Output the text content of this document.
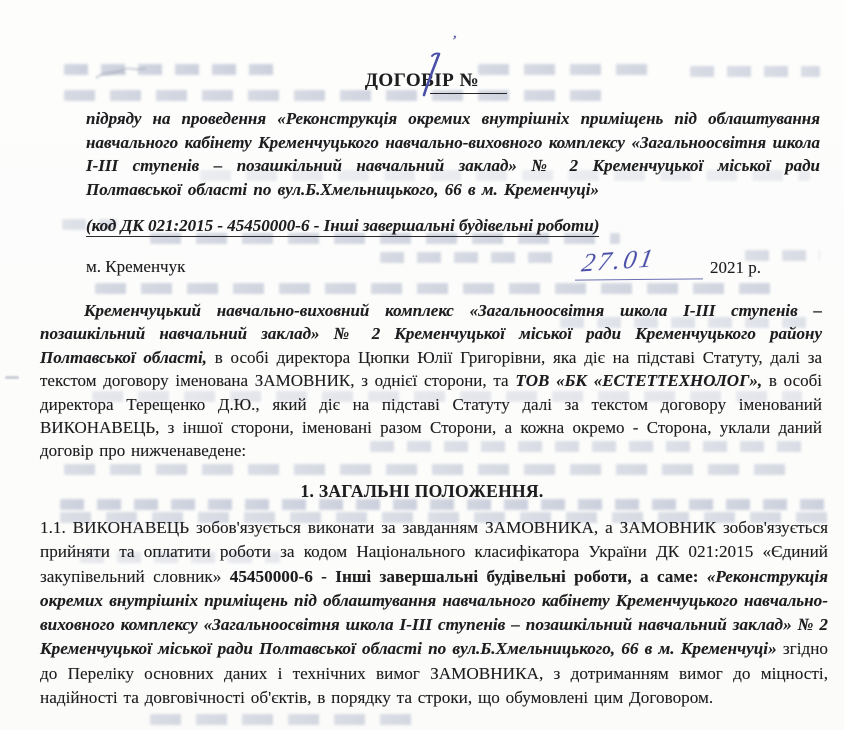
ДОГОВІР №
’
підряду на проведення «Реконструкція окремих внутрішніх приміщень під облаштування навчального кабінету Кременчуцького навчально-виховного комплексу «Загальноосвітня школа І-ІІІ ступенів – позашкільний навчальний заклад» № 2 Кременчуцької міської ради Полтавської області по вул.Б.Хмельницького, 66 в м. Кременчуці»
(код ДК 021:2015 - 45450000-6 - Інші завершальні будівельні роботи)
м. Кременчук	27.01	2021 р.
Кременчуцький навчально-виховний комплекс «Загальноосвітня школа І-ІІІ ступенів – позашкільний навчальний заклад» № 2 Кременчуцької міської ради Кременчуцького району Полтавської області, в особі директора Цюпки Юлії Григорівни, яка діє на підставі Статуту, далі за текстом договору іменована ЗАМОВНИК, з однієї сторони, та ТОВ «БК «ЕСТЕТТЕХНОЛОГ», в особі директора Терещенко Д.Ю., який діє на підставі Статуту далі за текстом договору іменований ВИКОНАВЕЦЬ, з іншої сторони, іменовані разом Сторони, а кожна окремо - Сторона, уклали даний договір про нижченаведене:
1. ЗАГАЛЬНІ ПОЛОЖЕННЯ.
1.1. ВИКОНАВЕЦЬ зобов'язується виконати за завданням ЗАМОВНИКА, а ЗАМОВНИК зобов'язується прийняти та оплатити роботи за кодом Національного класифікатора України ДК 021:2015 «Єдиний закупівельний словник» 45450000-6 - Інші завершальні будівельні роботи, а саме: «Реконструкція окремих внутрішніх приміщень під облаштування навчального кабінету Кременчуцького навчально-виховного комплексу «Загальноосвітня школа І-ІІІ ступенів – позашкільний навчальний заклад» № 2 Кременчуцької міської ради Полтавської області по вул.Б.Хмельницького, 66 в м. Кременчуці» згідно до Переліку основних даних і технічних вимог ЗАМОВНИКА, з дотриманням вимог до міцності, надійності та довговічності об'єктів, в порядку та строки, що обумовлені цим Договором.
